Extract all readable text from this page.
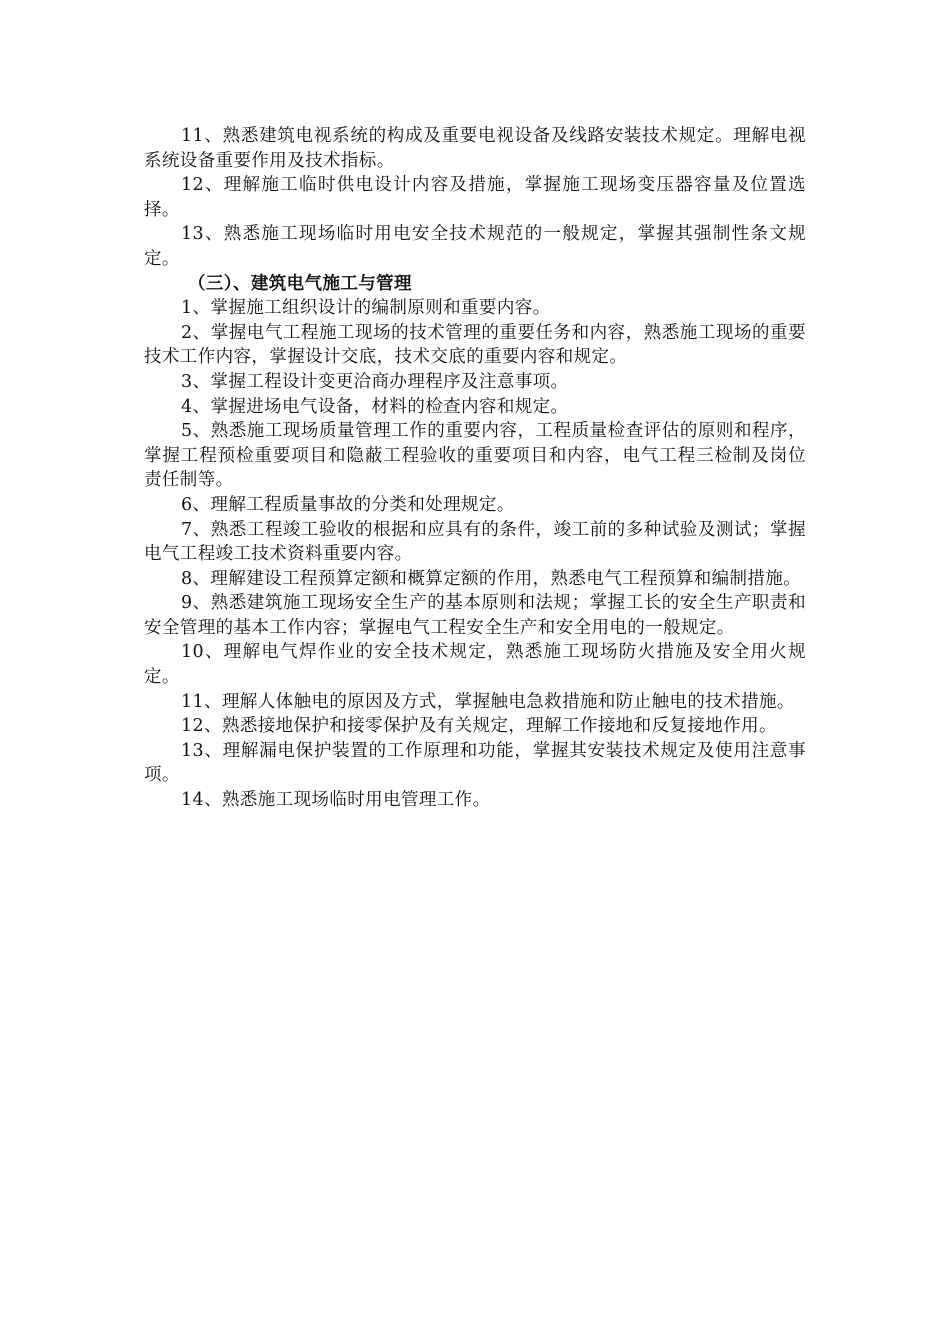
11、熟悉建筑电视系统的构成及重要电视设备及线路安装技术规定。理解电视系统设备重要作用及技术指标。

12、理解施工临时供电设计内容及措施，掌握施工现场变压器容量及位置选择。

13、熟悉施工现场临时用电安全技术规范的一般规定，掌握其强制性条文规定。

（三）、建筑电气施工与管理

1、掌握施工组织设计的编制原则和重要内容。

2、掌握电气工程施工现场的技术管理的重要任务和内容，熟悉施工现场的重要技术工作内容，掌握设计交底，技术交底的重要内容和规定。

3、掌握工程设计变更洽商办理程序及注意事项。

4、掌握进场电气设备，材料的检查内容和规定。

5、熟悉施工现场质量管理工作的重要内容，工程质量检查评估的原则和程序，掌握工程预检重要项目和隐蔽工程验收的重要项目和内容，电气工程三检制及岗位责任制等。

6、理解工程质量事故的分类和处理规定。

7、熟悉工程竣工验收的根据和应具有的条件，竣工前的多种试验及测试；掌握电气工程竣工技术资料重要内容。

8、理解建设工程预算定额和概算定额的作用，熟悉电气工程预算和编制措施。

9、熟悉建筑施工现场安全生产的基本原则和法规；掌握工长的安全生产职责和安全管理的基本工作内容；掌握电气工程安全生产和安全用电的一般规定。

10、理解电气焊作业的安全技术规定，熟悉施工现场防火措施及安全用火规定。

11、理解人体触电的原因及方式，掌握触电急救措施和防止触电的技术措施。

12、熟悉接地保护和接零保护及有关规定，理解工作接地和反复接地作用。

13、理解漏电保护装置的工作原理和功能，掌握其安装技术规定及使用注意事项。

14、熟悉施工现场临时用电管理工作。
